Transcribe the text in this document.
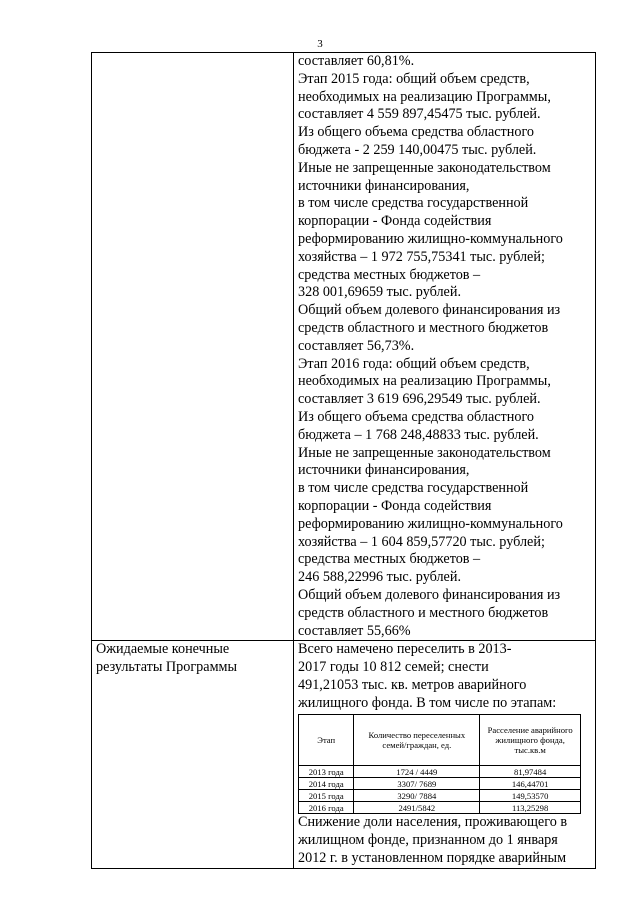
3

составляет 60,81%.
Этап 2015 года: общий объем средств,
необходимых на реализацию Программы,
составляет 4 559 897,45475 тыс. рублей.
Из общего объема средства областного
бюджета - 2 259 140,00475 тыс. рублей.
Иные не запрещенные законодательством
источники финансирования,
в том числе средства государственной
корпорации - Фонда содействия
реформированию жилищно-коммунального
хозяйства – 1 972 755,75341 тыс. рублей;
средства местных бюджетов –
328 001,69659 тыс. рублей.
Общий объем долевого финансирования из
средств областного и местного бюджетов
составляет 56,73%.
Этап 2016 года: общий объем средств,
необходимых на реализацию Программы,
составляет 3 619 696,29549 тыс. рублей.
Из общего объема средства областного
бюджета – 1 768 248,48833 тыс. рублей.
Иные не запрещенные законодательством
источники финансирования,
в том числе средства государственной
корпорации - Фонда содействия
реформированию жилищно-коммунального
хозяйства – 1 604 859,57720 тыс. рублей;
средства местных бюджетов –
246 588,22996 тыс. рублей.
Общий объем долевого финансирования из
средств областного и местного бюджетов
составляет 55,66%

Ожидаемые конечные
результаты Программы

Всего намечено переселить в 2013-
2017 годы 10 812 семей; снести
491,21053 тыс. кв. метров аварийного
жилищного фонда. В том числе по этапам:
Этап	Количество переселенных семей/граждан, ед.	Расселение аварийного жилищного фонда, тыс.кв.м
2013 года	1724 / 4449	81,97484
2014 года	3307/ 7689	146,44701
2015 года	3290/ 7884	149,53570
2016 года	2491/5842	113,25298
Снижение доли населения, проживающего в
жилищном фонде, признанном до 1 января
2012 г. в установленном порядке аварийным
